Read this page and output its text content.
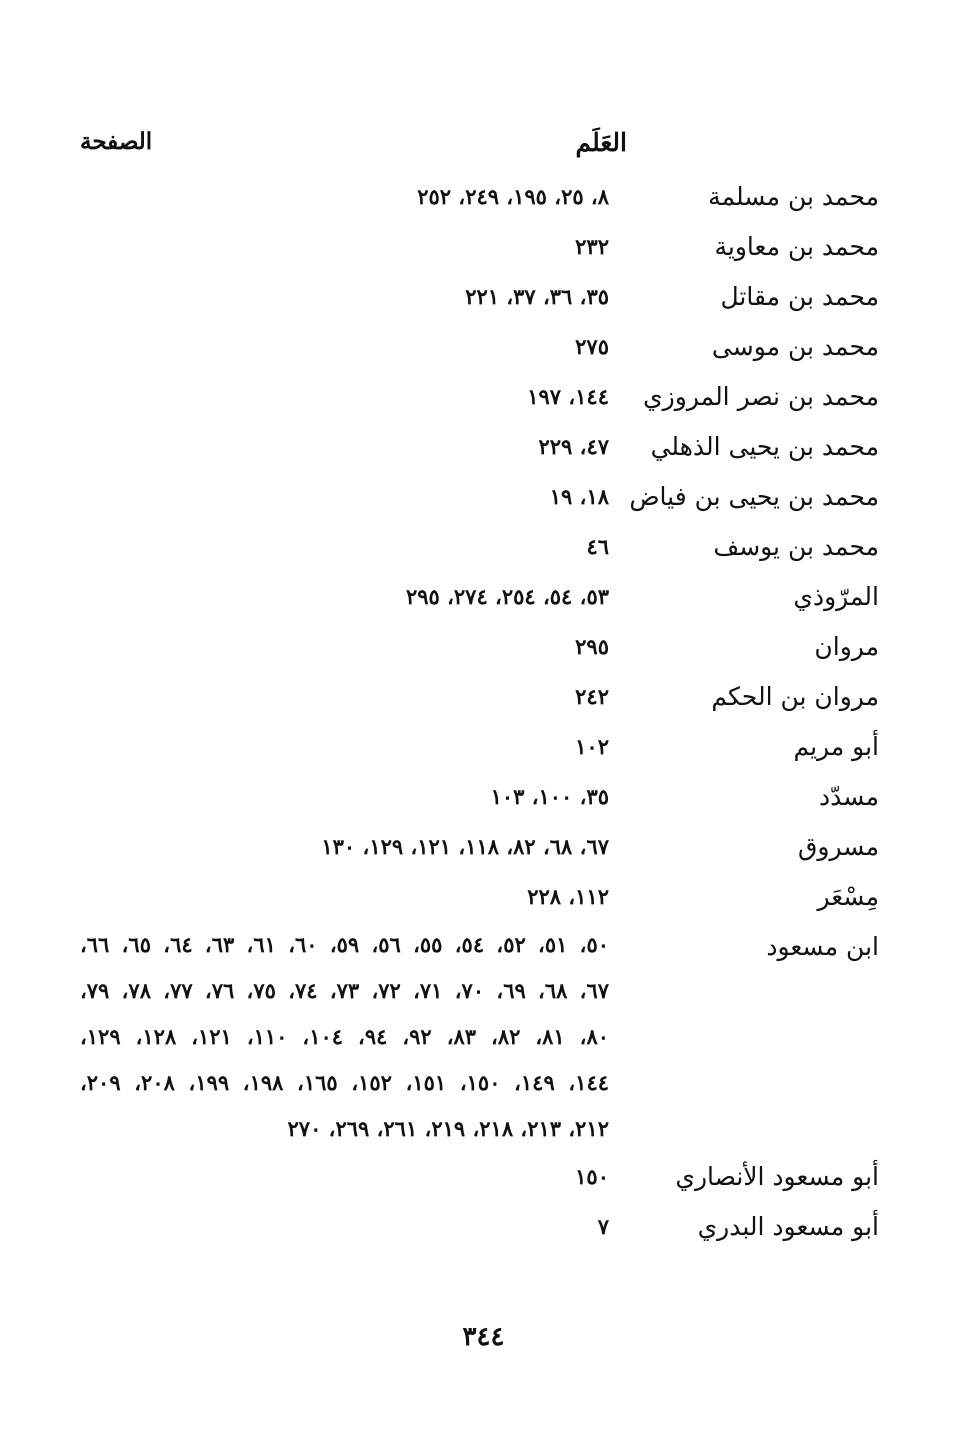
العَلَم
الصفحة
محمد بن مسلمة
٨، ٢٥، ١٩٥، ٢٤٩، ٢٥٢
محمد بن معاوية
٢٣٢
محمد بن مقاتل
٣٥، ٣٦، ٣٧، ٢٢١
محمد بن موسى
٢٧٥
محمد بن نصر المروزي
١٤٤، ١٩٧
محمد بن يحيى الذهلي
٤٧، ٢٢٩
محمد بن يحيى بن فياض
١٨، ١٩
محمد بن يوسف
٤٦
المرّوذي
٥٣، ٥٤، ٢٥٤، ٢٧٤، ٢٩٥
مروان
٢٩٥
مروان بن الحكم
٢٤٢
أبو مريم
١٠٢
مسدّد
٣٥، ١٠٠، ١٠٣
مسروق
٦٧، ٦٨، ٨٢، ١١٨، ١٢١، ١٢٩، ١٣٠
مِسْعَر
١١٢، ٢٢٨
ابن مسعود
٥٠، ٥١، ٥٢، ٥٤، ٥٥، ٥٦، ٥٩، ٦٠، ٦١، ٦٣، ٦٤، ٦٥، ٦٦،
٦٧، ٦٨، ٦٩، ٧٠، ٧١، ٧٢، ٧٣، ٧٤، ٧٥، ٧٦، ٧٧، ٧٨، ٧٩،
٨٠، ٨١، ٨٢، ٨٣، ٩٢، ٩٤، ١٠٤، ١١٠، ١٢١، ١٢٨، ١٢٩،
١٤٤، ١٤٩، ١٥٠، ١٥١، ١٥٢، ١٦٥، ١٩٨، ١٩٩، ٢٠٨، ٢٠٩،
٢١٢، ٢١٣، ٢١٨، ٢١٩، ٢٦١، ٢٦٩، ٢٧٠
أبو مسعود الأنصاري
١٥٠
أبو مسعود البدري
٧
٣٤٤
